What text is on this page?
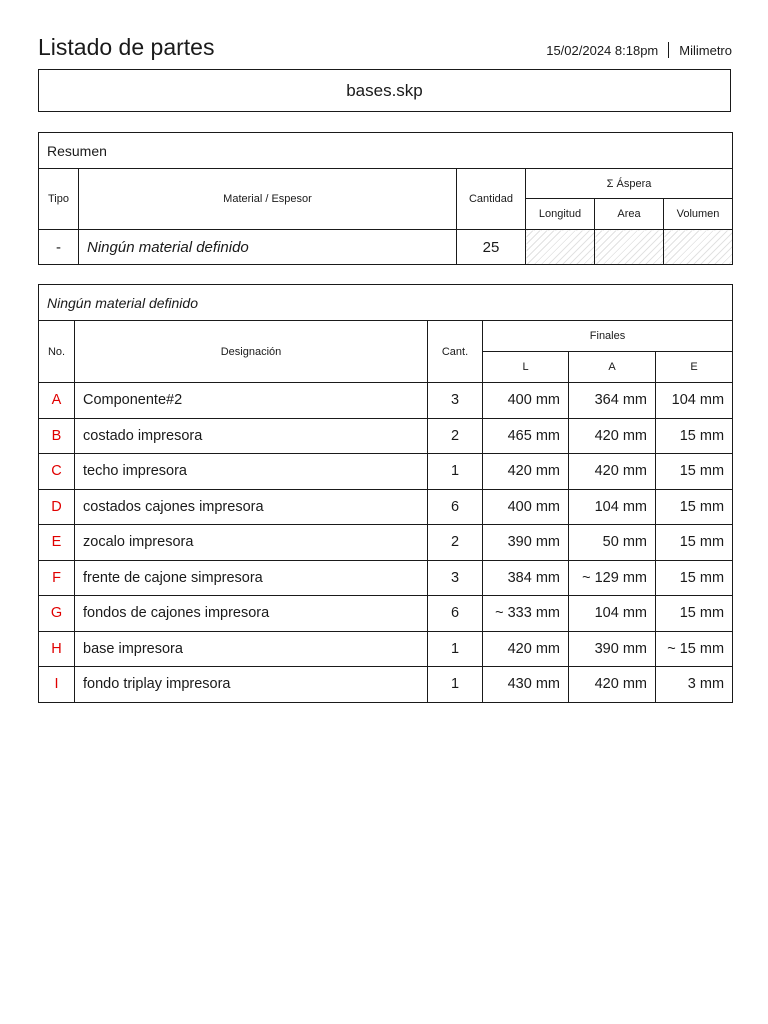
Listado de partes	15/02/2024 8:18pm Milimetro
bases.skp
Resumen					
Tipo	Material / Espesor	Cantidad	Σ Áspera		
			Longitud	Area	Volumen
-	Ningún material definido	25			
Ningún material definido					
No.	Designación	Cant.	Finales		
			L	A	E
A	Componente#2	3	400 mm	364 mm	104 mm
B	costado impresora	2	465 mm	420 mm	15 mm
C	techo impresora	1	420 mm	420 mm	15 mm
D	costados cajones impresora	6	400 mm	104 mm	15 mm
E	zocalo impresora	2	390 mm	50 mm	15 mm
F	frente de cajone simpresora	3	384 mm	~ 129 mm	15 mm
G	fondos de cajones impresora	6	~ 333 mm	104 mm	15 mm
H	base impresora	1	420 mm	390 mm	~ 15 mm
I	fondo triplay impresora	1	430 mm	420 mm	3 mm
